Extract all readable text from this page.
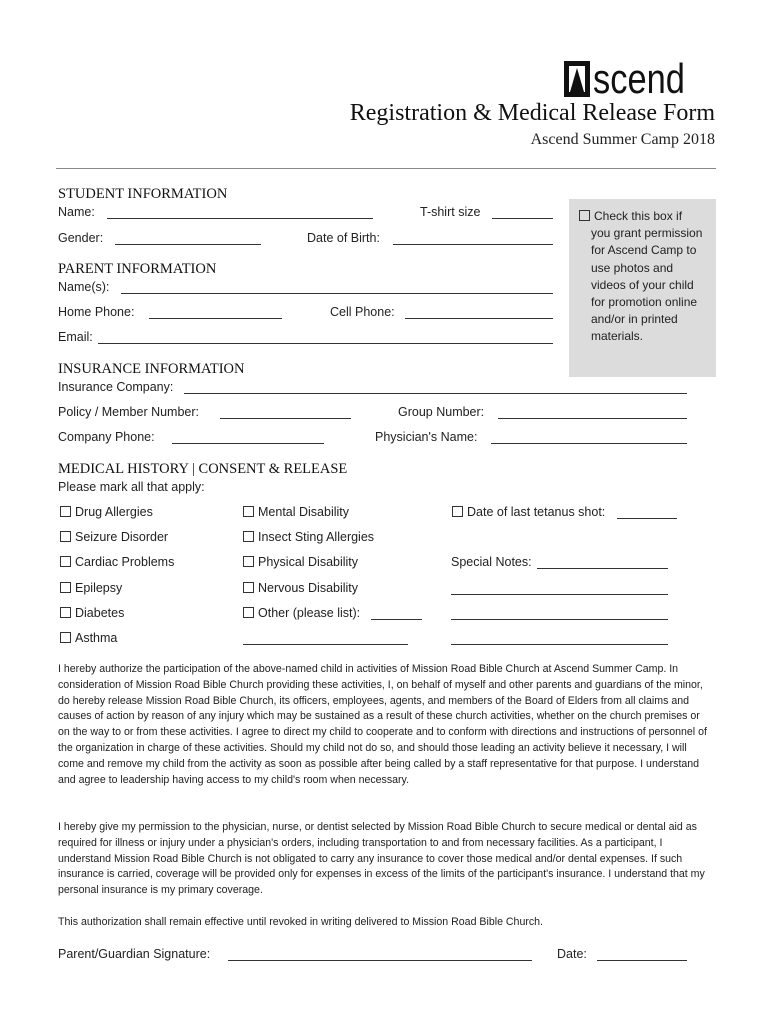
scend
Registration & Medical Release Form
Ascend Summer Camp 2018
STUDENT INFORMATION
Name:	T-shirt size
Gender:	Date of Birth:
Check this box if
you grant permission for Ascend Camp to use photos and videos of your child for promotion online and/or in printed materials.
PARENT INFORMATION
Name(s):
Home Phone:	Cell Phone:
Email:
INSURANCE INFORMATION
Insurance Company:
Policy / Member Number:	Group Number:
Company Phone:	Physician's Name:
MEDICAL HISTORY | CONSENT & RELEASE
Please mark all that apply:
Drug Allergies
Seizure Disorder
Cardiac Problems
Epilepsy
Diabetes
Asthma
Mental Disability
Insect Sting Allergies
Physical Disability
Nervous Disability
Other (please list):
Date of last tetanus shot:
Special Notes:
I hereby authorize the participation of the above-named child in activities of Mission Road Bible Church at Ascend Summer Camp. In consideration of Mission Road Bible Church providing these activities, I, on behalf of myself and other parents and guardians of the minor, do hereby release Mission Road Bible Church, its officers, employees, agents, and members of the Board of Elders from all claims and causes of action by reason of any injury which may be sustained as a result of these church activities, whether on the church premises or on the way to or from these activities. I agree to direct my child to cooperate and to conform with directions and instructions of personnel of the organization in charge of these activities. Should my child not do so, and should those leading an activity believe it necessary, I will come and remove my child from the activity as soon as possible after being called by a staff representative for that purpose. I understand and agree to leadership having access to my child's room when necessary.
I hereby give my permission to the physician, nurse, or dentist selected by Mission Road Bible Church to secure medical or dental aid as required for illness or injury under a physician's orders, including transportation to and from necessary facilities. As a participant, I understand Mission Road Bible Church is not obligated to carry any insurance to cover those medical and/or dental expenses. If such insurance is carried, coverage will be provided only for expenses in excess of the limits of the participant's insurance. I understand that my personal insurance is my primary coverage.
This authorization shall remain effective until revoked in writing delivered to Mission Road Bible Church.
Parent/Guardian Signature:	Date:
